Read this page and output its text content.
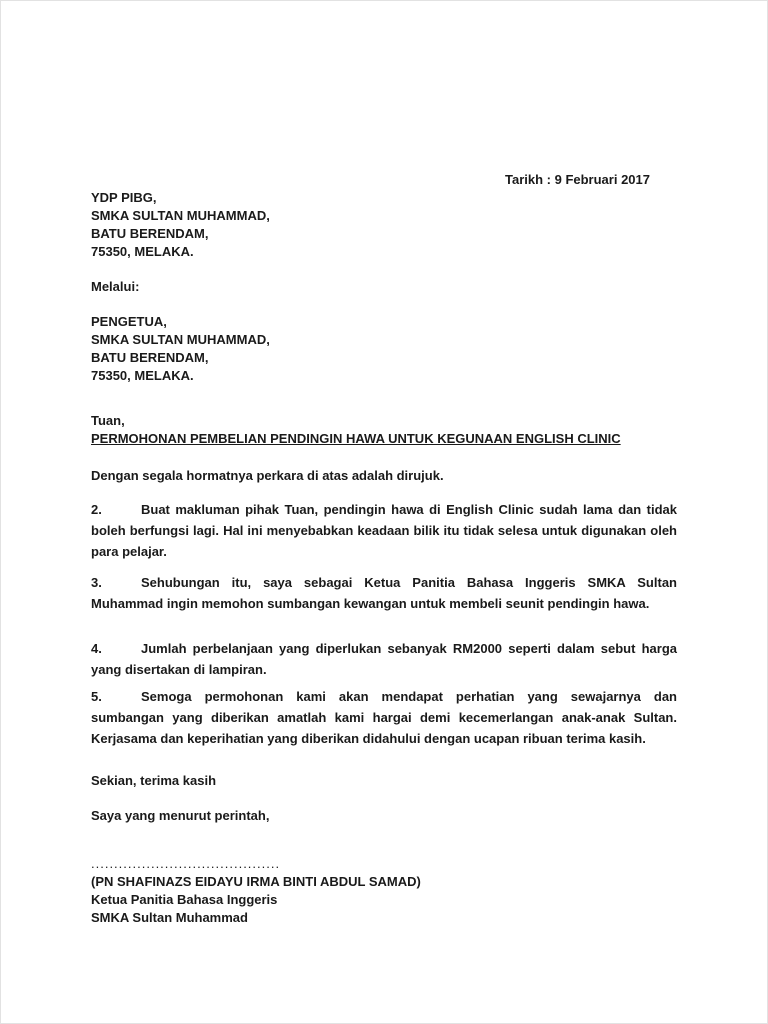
Tarikh : 9 Februari 2017
YDP PIBG,
SMKA SULTAN MUHAMMAD,
BATU BERENDAM,
75350, MELAKA.
Melalui:
PENGETUA,
SMKA SULTAN MUHAMMAD,
BATU BERENDAM,
75350, MELAKA.
Tuan,
PERMOHONAN PEMBELIAN PENDINGIN HAWA UNTUK KEGUNAAN ENGLISH CLINIC
Dengan segala hormatnya perkara di atas adalah dirujuk.
2.	Buat makluman pihak Tuan, pendingin hawa di English Clinic sudah lama dan tidak boleh berfungsi lagi. Hal ini menyebabkan keadaan bilik itu tidak selesa untuk digunakan oleh para pelajar.
3.	Sehubungan itu, saya sebagai Ketua Panitia Bahasa Inggeris SMKA Sultan Muhammad ingin memohon sumbangan kewangan untuk membeli seunit pendingin hawa.
4.	Jumlah perbelanjaan yang diperlukan sebanyak RM2000 seperti dalam sebut harga yang disertakan di lampiran.
5.	Semoga permohonan kami akan mendapat perhatian yang sewajarnya dan sumbangan yang diberikan amatlah kami hargai demi kecemerlangan anak-anak Sultan. Kerjasama dan keperihatian yang diberikan didahului dengan ucapan ribuan terima kasih.
Sekian, terima kasih
Saya yang menurut perintah,
.........................................
(PN SHAFINAZS EIDAYU IRMA BINTI ABDUL SAMAD)
Ketua Panitia Bahasa Inggeris
SMKA Sultan Muhammad
